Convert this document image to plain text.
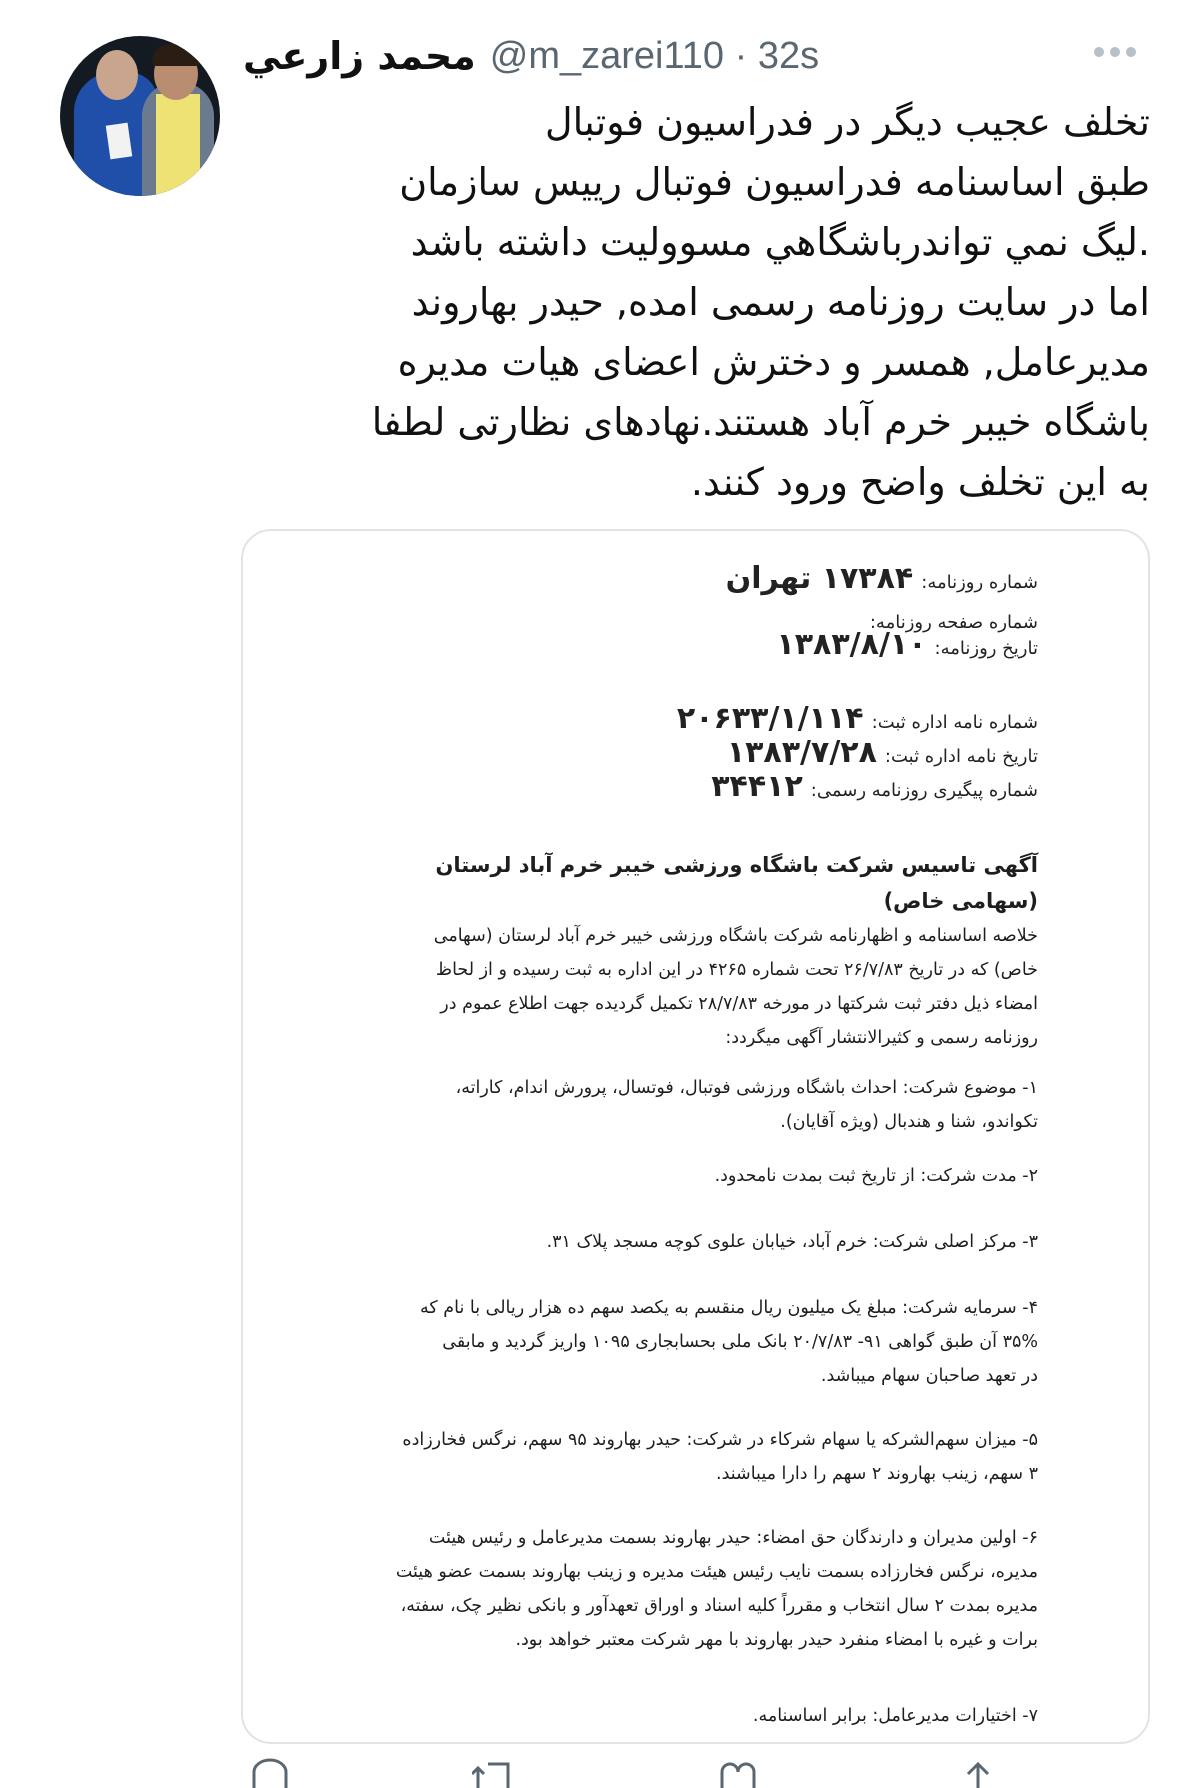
محمد زارعي @m_zarei110 · 32s
تخلف عجیب دیگر در فدراسیون فوتبال
طبق اساسنامه فدراسیون فوتبال رییس سازمان
.لیگ نمي تواندرباشگاهي مسووليت داشته باشد
اما در سایت روزنامه رسمی امده, حیدر بهاروند
مدیرعامل, همسر و دخترش اعضای هیات مدیره
باشگاه خیبر خرم آباد هستند.نهادهای نظارتی لطفا
به این تخلف واضح ورود کنند.
شماره روزنامه:۱۷۳۸۴ تهران
شماره صفحه روزنامه:
تاریخ روزنامه:۱۳۸۳/۸/۱۰
شماره نامه اداره ثبت:۲۰۶۳۳/۱/۱۱۴
تاریخ نامه اداره ثبت:۱۳۸۳/۷/۲۸
شماره پیگیری روزنامه رسمی:۳۴۴۱۲
آگهی تاسیس شرکت باشگاه ورزشی خیبر خرم آباد لرستان
(سهامی خاص)
خلاصه اساسنامه و اظهارنامه شرکت باشگاه ورزشی خیبر خرم آباد لرستان (سهامی
خاص) که در تاریخ ۲۶/۷/۸۳ تحت شماره ۴۲۶۵ در این اداره به ثبت رسیده و از لحاظ
امضاء ذیل دفتر ثبت شرکتها در مورخه ۲۸/۷/۸۳ تکمیل گردیده جهت اطلاع عموم در
روزنامه رسمی و کثیرالانتشار آگهی میگردد:
۱- موضوع شرکت: احداث باشگاه ورزشی فوتبال، فوتسال، پرورش اندام، کاراته،
تکواندو، شنا و هندبال (ویژه آقایان).
۲- مدت شرکت: از تاریخ ثبت بمدت نامحدود.
۳- مرکز اصلی شرکت: خرم آباد، خیابان علوی کوچه مسجد پلاک ۳۱.
۴- سرمایه شرکت: مبلغ یک میلیون ریال منقسم به یکصد سهم ده هزار ریالی با نام که
۳۵% آن طبق گواهی ۹۱- ۲۰/۷/۸۳ بانک ملی بحسابجاری ۱۰۹۵ واریز گردید و مابقی
در تعهد صاحبان سهام میباشد.
۵- میزان سهم‌الشرکه یا سهام شرکاء در شرکت: حیدر بهاروند ۹۵ سهم، نرگس فخارزاده
۳ سهم، زینب بهاروند ۲ سهم را دارا میباشند.
۶- اولین مدیران و دارندگان حق امضاء: حیدر بهاروند بسمت مدیرعامل و رئیس هیئت
مدیره، نرگس فخارزاده بسمت نایب رئیس هیئت مدیره و زینب بهاروند بسمت عضو هیئت
مدیره بمدت ۲ سال انتخاب و مقرراً کلیه اسناد و اوراق تعهدآور و بانکی نظیر چک، سفته،
برات و غیره با امضاء منفرد حیدر بهاروند با مهر شرکت معتبر خواهد بود.
۷- اختیارات مدیرعامل: برابر اساسنامه.
